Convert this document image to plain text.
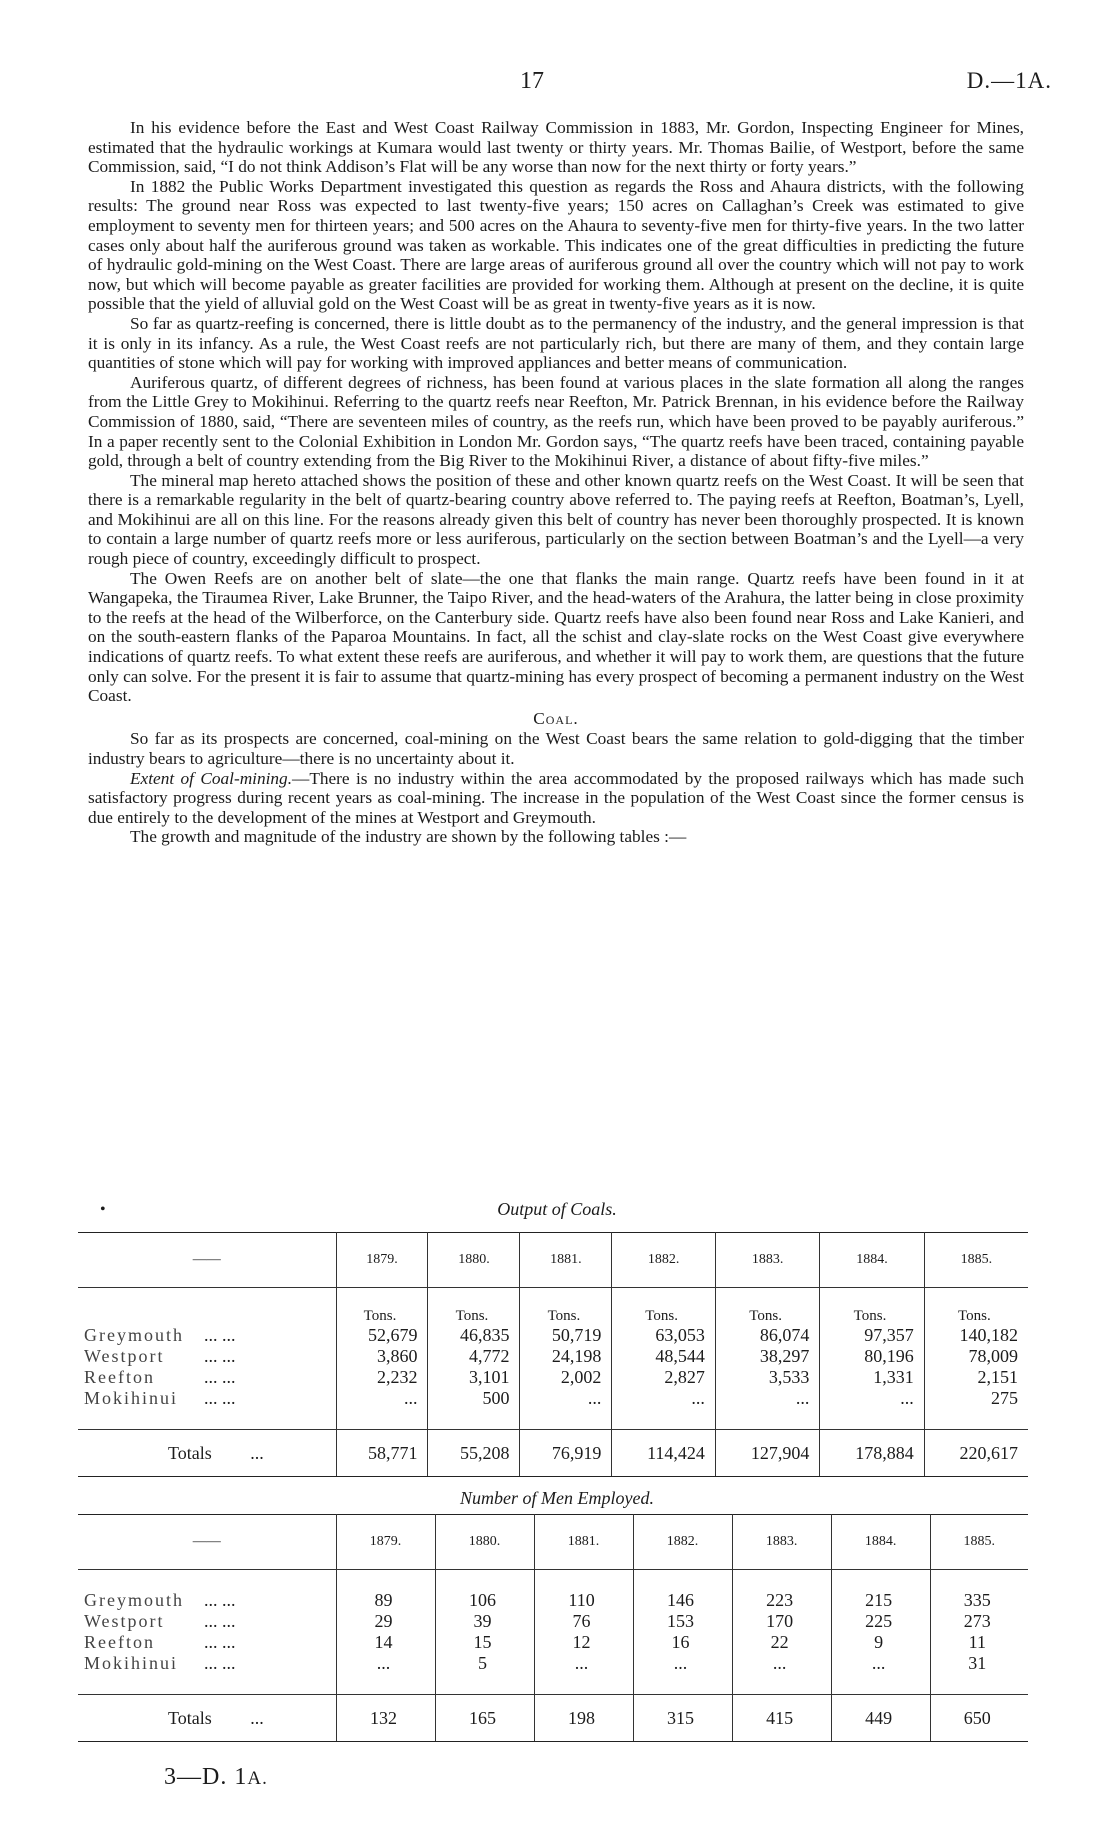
17	D.—1A.

In his evidence before the East and West Coast Railway Commission in 1883, Mr. Gordon, Inspecting Engineer for Mines, estimated that the hydraulic workings at Kumara would last twenty or thirty years. Mr. Thomas Bailie, of Westport, before the same Commission, said, “I do not think Addison’s Flat will be any worse than now for the next thirty or forty years.”

In 1882 the Public Works Department investigated this question as regards the Ross and Ahaura districts, with the following results: The ground near Ross was expected to last twenty-five years; 150 acres on Callaghan’s Creek was estimated to give employment to seventy men for thirteen years; and 500 acres on the Ahaura to seventy-five men for thirty-five years. In the two latter cases only about half the auriferous ground was taken as workable. This indicates one of the great difficulties in predicting the future of hydraulic gold-mining on the West Coast. There are large areas of auriferous ground all over the country which will not pay to work now, but which will become payable as greater facilities are provided for working them. Although at present on the decline, it is quite possible that the yield of alluvial gold on the West Coast will be as great in twenty-five years as it is now.

So far as quartz-reefing is concerned, there is little doubt as to the permanency of the industry, and the general impression is that it is only in its infancy. As a rule, the West Coast reefs are not particularly rich, but there are many of them, and they contain large quantities of stone which will pay for working with improved appliances and better means of communication.

Auriferous quartz, of different degrees of richness, has been found at various places in the slate formation all along the ranges from the Little Grey to Mokihinui. Referring to the quartz reefs near Reefton, Mr. Patrick Brennan, in his evidence before the Railway Commission of 1880, said, “There are seventeen miles of country, as the reefs run, which have been proved to be payably auriferous.” In a paper recently sent to the Colonial Exhibition in London Mr. Gordon says, “The quartz reefs have been traced, containing payable gold, through a belt of country extending from the Big River to the Mokihinui River, a distance of about fifty-five miles.”

The mineral map hereto attached shows the position of these and other known quartz reefs on the West Coast. It will be seen that there is a remarkable regularity in the belt of quartz-bearing country above referred to. The paying reefs at Reefton, Boatman’s, Lyell, and Mokihinui are all on this line. For the reasons already given this belt of country has never been thoroughly prospected. It is known to contain a large number of quartz reefs more or less auriferous, particularly on the section between Boatman’s and the Lyell—a very rough piece of country, exceedingly difficult to prospect.

The Owen Reefs are on another belt of slate—the one that flanks the main range. Quartz reefs have been found in it at Wangapeka, the Tiraumea River, Lake Brunner, the Taipo River, and the head-waters of the Arahura, the latter being in close proximity to the reefs at the head of the Wilberforce, on the Canterbury side. Quartz reefs have also been found near Ross and Lake Kanieri, and on the south-eastern flanks of the Paparoa Mountains. In fact, all the schist and clay-slate rocks on the West Coast give everywhere indications of quartz reefs. To what extent these reefs are auriferous, and whether it will pay to work them, are questions that the future only can solve. For the present it is fair to assume that quartz-mining has every prospect of becoming a permanent industry on the West Coast.

Coal.

So far as its prospects are concerned, coal-mining on the West Coast bears the same relation to gold-digging that the timber industry bears to agriculture—there is no uncertainty about it.

Extent of Coal-mining.—There is no industry within the area accommodated by the proposed railways which has made such satisfactory progress during recent years as coal-mining. The increase in the population of the West Coast since the former census is due entirely to the development of the mines at Westport and Greymouth.

The growth and magnitude of the industry are shown by the following tables :—

•	Output of Coals.
——	1879.	1880.	1881.	1882.	1883.	1884.	1885.
	Tons.	Tons.	Tons.	Tons.	Tons.	Tons.	Tons.
Greymouth ... ...	52,679	46,835	50,719	63,053	86,074	97,357	140,182
Westport ... ...	3,860	4,772	24,198	48,544	38,297	80,196	78,009
Reefton ... ...	2,232	3,101	2,002	2,827	3,533	1,331	2,151
Mokihinui ... ...	...	500	...	...	...	...	275

Totals ...	58,771	55,208	76,919	114,424	127,904	178,884	220,617
Number of Men Employed.
——	1879.	1880.	1881.	1882.	1883.	1884.	1885.

Greymouth ... ...	89	106	110	146	223	215	335
Westport ... ...	29	39	76	153	170	225	273
Reefton ... ...	14	15	12	16	22	9	11
Mokihinui ... ...	...	5	...	...	...	...	31

Totals ...	132	165	198	315	415	449	650
3—D. 1A.
